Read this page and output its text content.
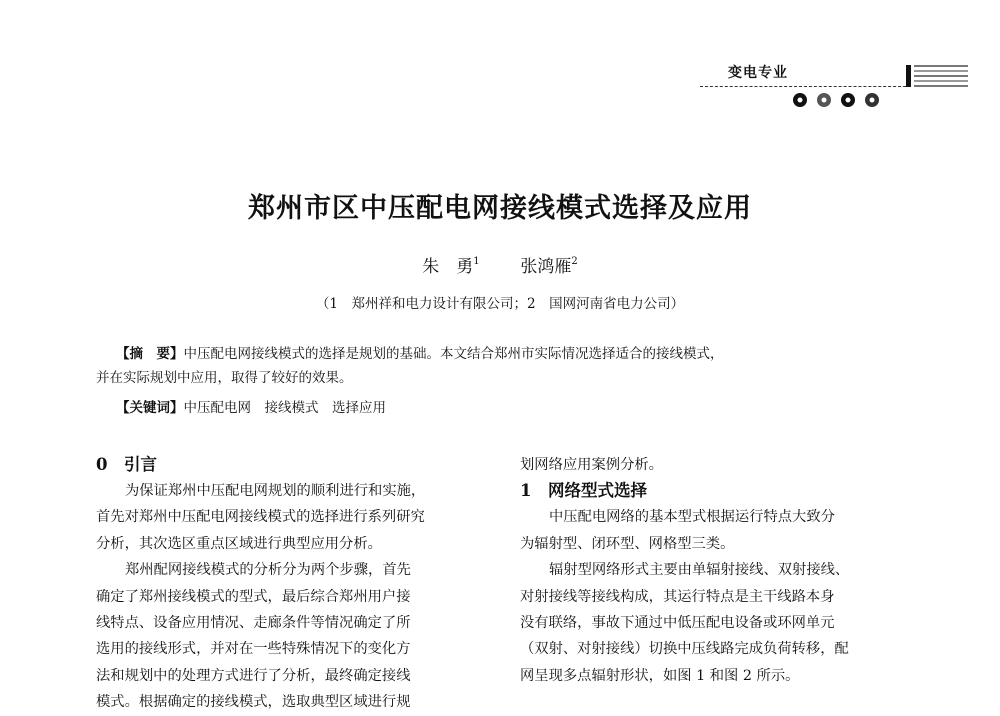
变电专业
郑州市区中压配电网接线模式选择及应用
朱　勇$^1$ 张鸿雁$^2$
（1　郑州祥和电力设计有限公司；2　国网河南省电力公司）
【摘　要】中压配电网接线模式的选择是规划的基础。本文结合郑州市实际情况选择适合的接线模式，
并在实际规划中应用，取得了较好的效果。
【关键词】中压配电网　接线模式　选择应用
0　引言

为保证郑州中压配电网规划的顺利进行和实施，

首先对郑州中压配电网接线模式的选择进行系列研究

分析，其次选区重点区域进行典型应用分析。

郑州配网接线模式的分析分为两个步骤，首先

确定了郑州接线模式的型式，最后综合郑州用户接

线特点、设备应用情况、走廊条件等情况确定了所

选用的接线形式，并对在一些特殊情况下的变化方

法和规划中的处理方式进行了分析，最终确定接线

模式。根据确定的接线模式，选取典型区域进行规

划网络应用案例分析。

1　网络型式选择

中压配电网络的基本型式根据运行特点大致分

为辐射型、闭环型、网格型三类。

辐射型网络形式主要由单辐射接线、双射接线、

对射接线等接线构成，其运行特点是主干线路本身

没有联络，事故下通过中低压配电设备或环网单元

（双射、对射接线）切换中压线路完成负荷转移，配

网呈现多点辐射形状，如图 1 和图 2 所示。
